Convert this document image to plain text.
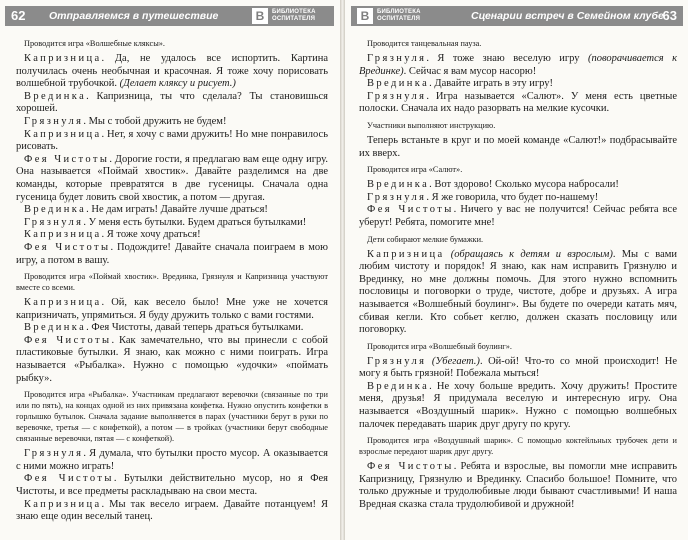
62 Отправляемся в путешествие	B	БИБЛИОТЕКА
ОСПИТАТЕЛЯ

Проводится игра «Волшебные кляксы».

Капризница. Да, не удалось все испортить. Картина получилась очень необычная и красочная. Я тоже хочу порисовать волшебной трубочкой. (Делает кляксу и рисует.)

Врединка. Капризница, ты что сделала? Ты становишься хорошей.

Грязнуля. Мы с тобой дружить не будем!

Капризница. Нет, я хочу с вами дружить! Но мне понравилось рисовать.

Фея Чистоты. Дорогие гости, я предлагаю вам еще одну игру. Она называется «Поймай хвостик». Давайте разделимся на две команды, которые превратятся в две гусеницы. Сначала одна гусеница будет ловить свой хвостик, а потом — другая.

Врединка. Не дам играть! Давайте лучше драться!

Грязнуля. У меня есть бутылки. Будем драться бутылками!

Капризница. Я тоже хочу драться!

Фея Чистоты. Подождите! Давайте сначала поиграем в мою игру, а потом в вашу.

Проводится игра «Поймай хвостик». Врединка, Грязнуля и Капризница участвуют вместе со всеми.

Капризница. Ой, как весело было! Мне уже не хочется капризничать, упрямиться. Я буду дружить только с вами гостями.

Врединка. Фея Чистоты, давай теперь драться бутылками.

Фея Чистоты. Как замечательно, что вы принесли с собой пластиковые бутылки. Я знаю, как можно с ними поиграть. Игра называется «Рыбалка». Нужно с помощью «удочки» «поймать рыбку».

Проводится игра «Рыбалка». Участникам предлагают веревочки (связанные по три или по пять), на концах одной из них привязана конфетка. Нужно опустить конфетки в горлышко бутылок. Сначала задание выполняется в парах (участники берут в руки по веревочке, третья — с конфеткой), а потом — в тройках (участники берут свободные связанные веревочки, пятая — с конфеткой).

Грязнуля. Я думала, что бутылки просто мусор. А оказывается с ними можно играть!

Фея Чистоты. Бутылки действительно мусор, но я Фея Чистоты, и все предметы раскладываю на свои места.

Капризница. Мы так весело играем. Давайте потанцуем! Я знаю еще один веселый танец.

B	БИБЛИОТЕКА
ОСПИТАТЕЛЯ	Сценарии встреч в Семейном клубе
63

Проводится танцевальная пауза.

Грязнуля. Я тоже знаю веселую игру (поворачивается к Врединке). Сейчас я вам мусор насорю!

Врединка. Давайте играть в эту игру!

Грязнуля. Игра называется «Салют». У меня есть цветные полоски. Сначала их надо разорвать на мелкие кусочки.

Участники выполняют инструкцию.

Теперь встаньте в круг и по моей команде «Салют!» подбрасывайте их вверх.

Проводится игра «Салют».

Врединка. Вот здорово! Сколько мусора набросали!

Грязнуля. Я же говорила, что будет по-нашему!

Фея Чистоты. Ничего у вас не получится! Сейчас ребята все уберут! Ребята, помогите мне!

Дети собирают мелкие бумажки.

Капризница (обращаясь к детям и взрослым). Мы с вами любим чистоту и порядок! Я знаю, как нам исправить Грязнулю и Врединку, но мне должны помочь. Для этого нужно вспомнить пословицы и поговорки о труде, чистоте, добре и друзьях. А игра называется «Волшебный боулинг». Вы будете по очереди катать мяч, сбивая кегли. Кто собьет кеглю, должен сказать пословицу или поговорку.

Проводится игра «Волшебный боулинг».

Грязнуля (Убегает.). Ой-ой! Что-то со мной происходит! Не могу я быть грязной! Побежала мыться!

Врединка. Не хочу больше вредить. Хочу дружить! Простите меня, друзья! Я придумала веселую и интересную игру. Она называется «Воздушный шарик». Нужно с помощью волшебных палочек передавать шарик друг другу по кругу.

Проводится игра «Воздушный шарик». С помощью коктейльных трубочек дети и взрослые передают шарик друг другу.

Фея Чистоты. Ребята и взрослые, вы помогли мне исправить Капризницу, Грязнулю и Врединку. Спасибо большое! Помните, что только дружные и трудолюбивые люди бывают счастливыми! И наша Вредная сказка стала трудолюбивой и дружной!
